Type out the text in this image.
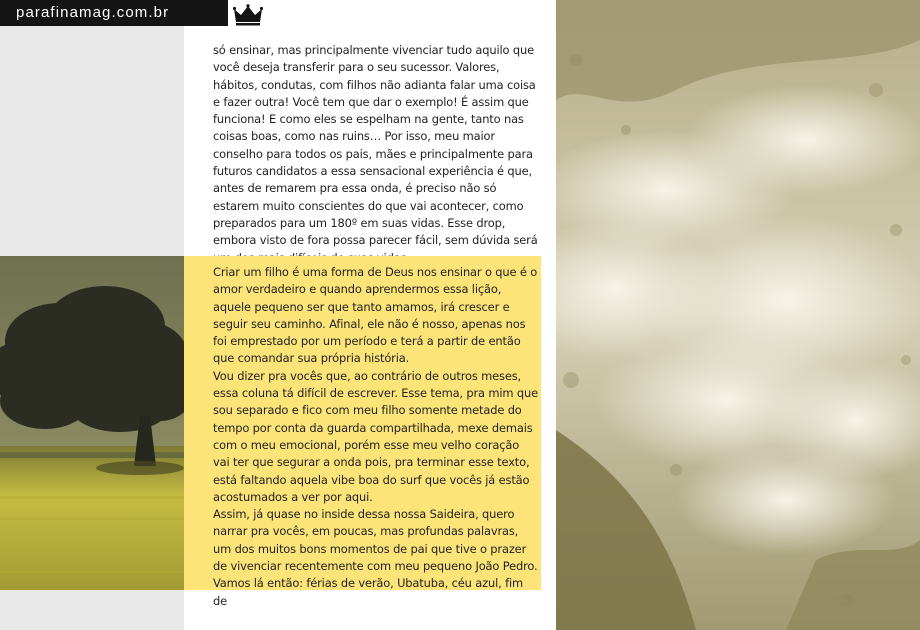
parafinamag.com.br

só ensinar, mas principalmente vivenciar tudo aquilo que você deseja transferir para o seu sucessor. Valores, hábitos, condutas, com filhos não adianta falar uma coisa e fazer outra! Você tem que dar o exemplo! É assim que funciona! E como eles se espelham na gente, tanto nas coisas boas, como nas ruins… Por isso, meu maior conselho para todos os pais, mães e principalmente para futuros candidatos a essa sensacional experiência é que, antes de remarem pra essa onda, é preciso não só estarem muito conscientes do que vai acontecer, como preparados para um 180º em suas vidas. Esse drop, embora visto de fora possa parecer fácil, sem dúvida será

Criar um filho é uma forma de Deus nos ensinar o que é o amor verdadeiro e quando aprendermos essa lição, aquele pequeno ser que tanto amamos, irá crescer e seguir seu caminho. Afinal, ele não é nosso, apenas nos foi emprestado por um período e terá a partir de então que comandar sua própria história.

Vou dizer pra vocês que, ao contrário de outros meses, essa coluna tá difícil de escrever. Esse tema, pra mim que sou separado e fico com meu filho somente metade do tempo por conta da guarda compartilhada, mexe demais com o meu emocional, porém esse meu velho coração vai ter que segurar a onda pois, pra terminar esse texto, está faltando aquela vibe boa do surf que vocês já estão acostumados a ver por aqui.

Assim, já quase no inside dessa nossa Saideira, quero narrar pra vocês, em poucas, mas profundas palavras, um dos muitos bons momentos de pai que tive o prazer de vivenciar recentemente com meu pequeno João Pedro. Vamos lá então: férias de verão, Ubatuba, céu azul, fim de
